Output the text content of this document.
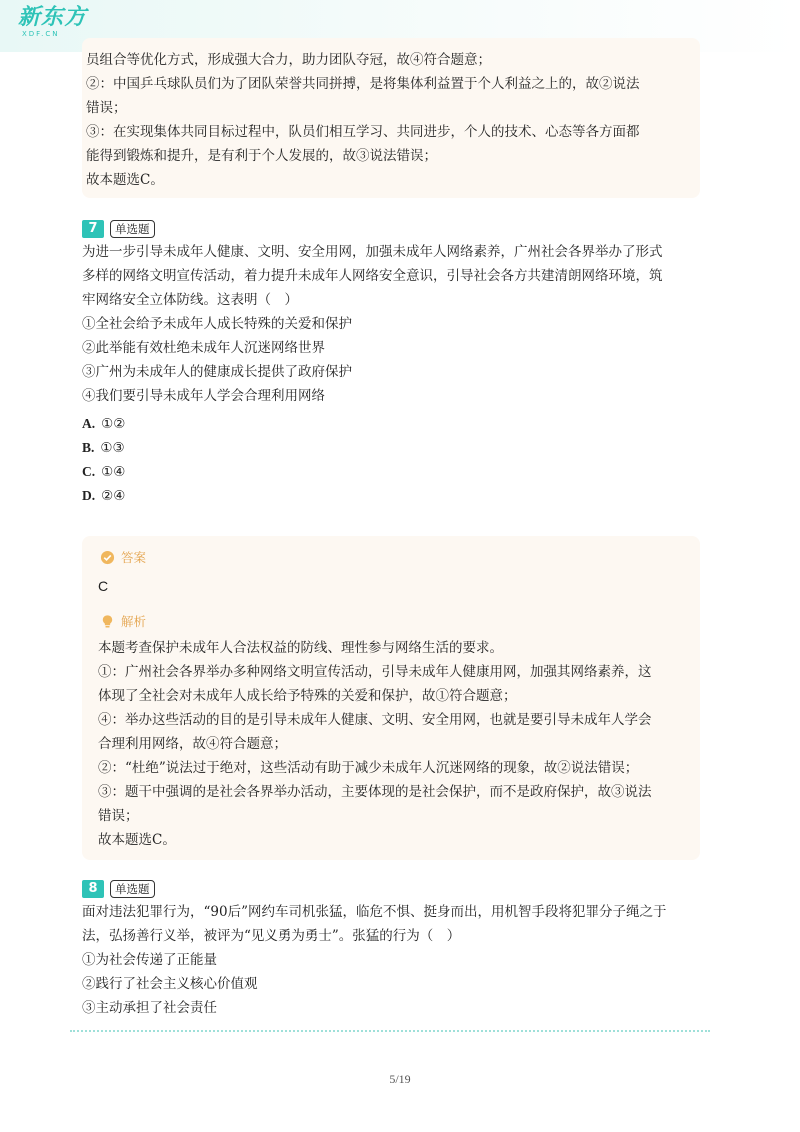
新东方
XDF.CN
员组合等优化方式，形成强大合力，助力团队夺冠，故④符合题意；
②：中国乒乓球队员们为了团队荣誉共同拼搏，是将集体利益置于个人利益之上的，故②说法
错误；
③：在实现集体共同目标过程中，队员们相互学习、共同进步，个人的技术、心态等各方面都
能得到锻炼和提升，是有利于个人发展的，故③说法错误；
故本题选C。
7	单选题
为进一步引导未成年人健康、文明、安全用网，加强未成年人网络素养，广州社会各界举办了形式
多样的网络文明宣传活动，着力提升未成年人网络安全意识，引导社会各方共建清朗网络环境，筑
牢网络安全立体防线。这表明（　）
①全社会给予未成年人成长特殊的关爱和保护
②此举能有效杜绝未成年人沉迷网络世界
③广州为未成年人的健康成长提供了政府保护
④我们要引导未成年人学会合理利用网络
A. ①②
B. ①③
C. ①④
D. ②④
答案
C
解析
本题考查保护未成年人合法权益的防线、理性参与网络生活的要求。
①：广州社会各界举办多种网络文明宣传活动，引导未成年人健康用网，加强其网络素养，这
体现了全社会对未成年人成长给予特殊的关爱和保护，故①符合题意；
④：举办这些活动的目的是引导未成年人健康、文明、安全用网，也就是要引导未成年人学会
合理利用网络，故④符合题意；
②：“杜绝”说法过于绝对，这些活动有助于减少未成年人沉迷网络的现象，故②说法错误；
③：题干中强调的是社会各界举办活动，主要体现的是社会保护，而不是政府保护，故③说法
错误；
故本题选C。
8	单选题
面对违法犯罪行为，“90后”网约车司机张猛，临危不惧、挺身而出，用机智手段将犯罪分子绳之于
法，弘扬善行义举，被评为“见义勇为勇士”。张猛的行为（　）
①为社会传递了正能量
②践行了社会主义核心价值观
③主动承担了社会责任
5/19
